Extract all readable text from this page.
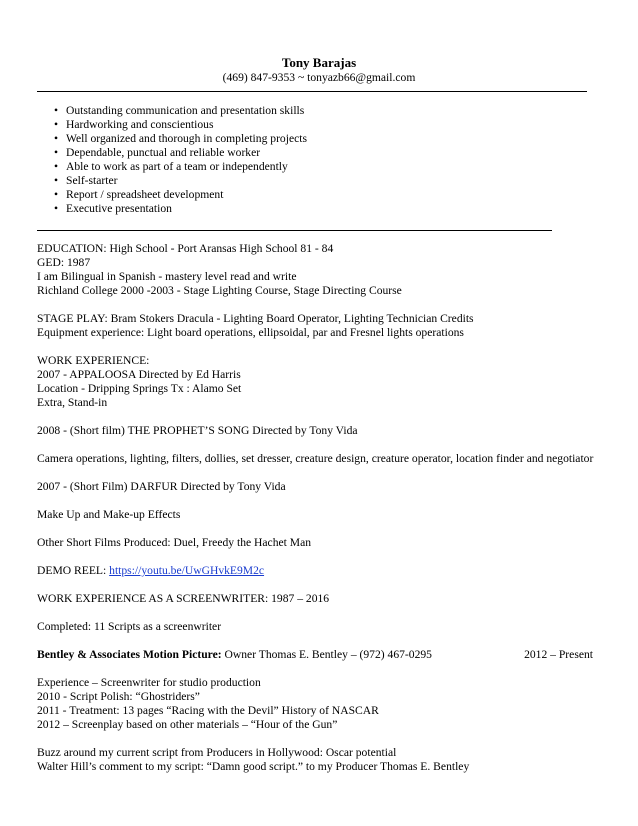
Tony Barajas
(469) 847-9353 ~ tonyazb66@gmail.com
• Outstanding communication and presentation skills
• Hardworking and conscientious
• Well organized and thorough in completing projects
• Dependable, punctual and reliable worker
• Able to work as part of a team or independently
• Self-starter
• Report / spreadsheet development
• Executive presentation
EDUCATION: High School - Port Aransas High School 81 - 84
GED: 1987
I am Bilingual in Spanish - mastery level read and write
Richland College 2000 -2003 - Stage Lighting Course, Stage Directing Course
STAGE PLAY: Bram Stokers Dracula - Lighting Board Operator, Lighting Technician Credits
Equipment experience: Light board operations, ellipsoidal, par and Fresnel lights operations
WORK EXPERIENCE:
2007 - APPALOOSA Directed by Ed Harris
Location - Dripping Springs Tx : Alamo Set
Extra, Stand-in
2008 - (Short film) THE PROPHET’S SONG Directed by Tony Vida
Camera operations, lighting, filters, dollies, set dresser, creature design, creature operator, location finder and negotiator
2007 - (Short Film) DARFUR Directed by Tony Vida
Make Up and Make-up Effects
Other Short Films Produced: Duel, Freedy the Hachet Man
DEMO REEL: https://youtu.be/UwGHvkE9M2c
WORK EXPERIENCE AS A SCREENWRITER: 1987 – 2016
Completed: 11 Scripts as a screenwriter
Bentley & Associates Motion Picture: Owner Thomas E. Bentley – (972) 467-0295	2012 – Present
Experience – Screenwriter for studio production
2010 - Script Polish: “Ghostriders”
2011 - Treatment: 13 pages “Racing with the Devil” History of NASCAR
2012 – Screenplay based on other materials – “Hour of the Gun”
Buzz around my current script from Producers in Hollywood: Oscar potential
Walter Hill’s comment to my script: “Damn good script.” to my Producer Thomas E. Bentley
